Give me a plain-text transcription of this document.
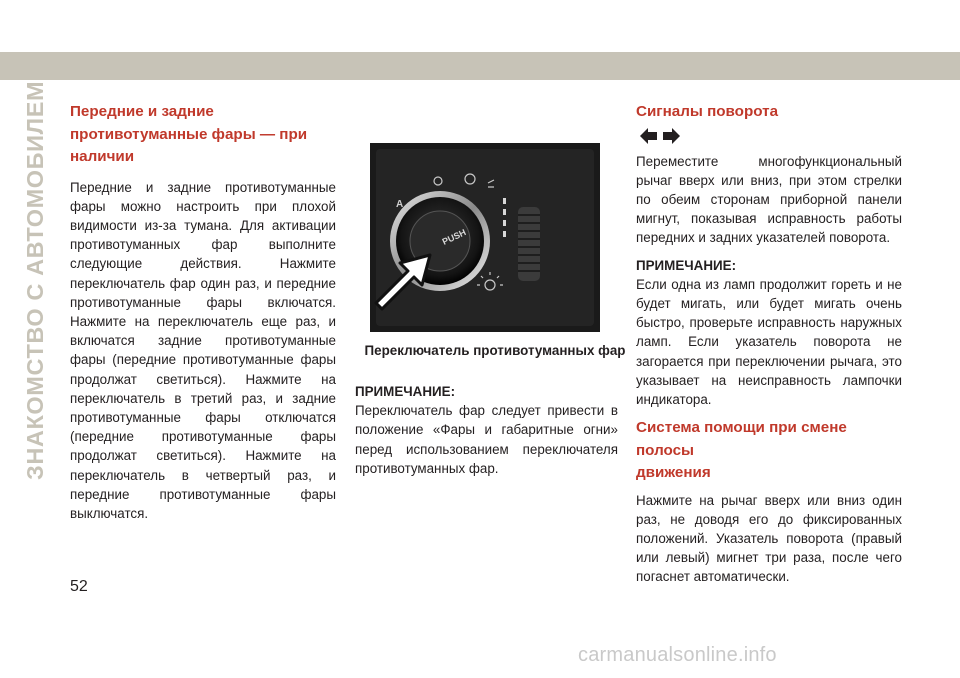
ЗНАКОМСТВО С АВТОМОБИЛЕМ Передние и задние
противотуманные фары — при
наличии

Передние и задние противотуманные фары можно настроить при плохой видимости из-за тумана. Для активации противотуманных фар выполните следующие действия. Нажмите переключатель фар один раз, и передние противотуманные фары включатся. Нажмите на переключатель еще раз, и включатся задние противотуманные фары (передние противотуманные фары продолжат светиться). Нажмите на переключатель в третий раз, и задние противотуманные фары отключатся (передние противотуманные фары продолжат светиться). Нажмите на переключатель в четвертый раз, и передние противотуманные фары выключатся.

PUSH
A
Переключатель противотуманных фар
ПРИМЕЧАНИЕ:

Переключатель фар следует привести в положение «Фары и габаритные огни» перед использованием переключателя противотуманных фар.

Сигналы поворота

Переместите многофункциональный рычаг вверх или вниз, при этом стрелки по обеим сторонам приборной панели мигнут, показывая исправность работы передних и задних указателей поворота.

ПРИМЕЧАНИЕ:

Если одна из ламп продолжит гореть и не будет мигать, или будет мигать очень быстро, проверьте исправность наружных ламп. Если указатель поворота не загорается при переключении рычага, это указывает на неисправность лампочки индикатора.

Система помощи при смене полосы
движения

Нажмите на рычаг вверх или вниз один раз, не доводя его до фиксированных положений. Указатель поворота (правый или левый) мигнет три раза, после чего погаснет автоматически.

52
carmanualsonline.info
